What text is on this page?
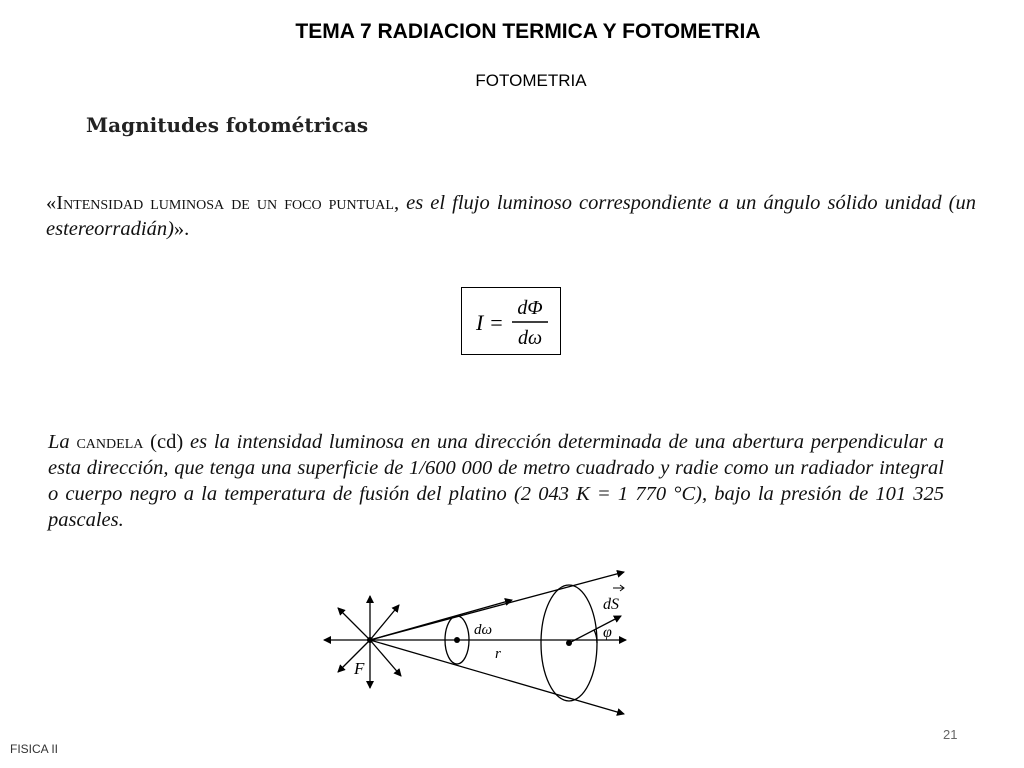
TEMA 7 RADIACION TERMICA Y FOTOMETRIA
FOTOMETRIA
Magnitudes fotométricas
«Intensidad luminosa de un foco puntual, es el flujo luminoso correspondiente a un ángulo sólido unidad (un estereorradián)».
I =
dΦ
dω
La candela (cd) es la intensidad luminosa en una dirección determinada de una abertura perpendicular a esta dirección, que tenga una superficie de 1/600 000 de metro cuadrado y radie como un radiador integral o cuerpo negro a la temperatura de fusión del platino (2 043 K = 1 770 °C), bajo la presión de 101 325 pascales.
F
dω
r
dS
φ
21
FISICA II
